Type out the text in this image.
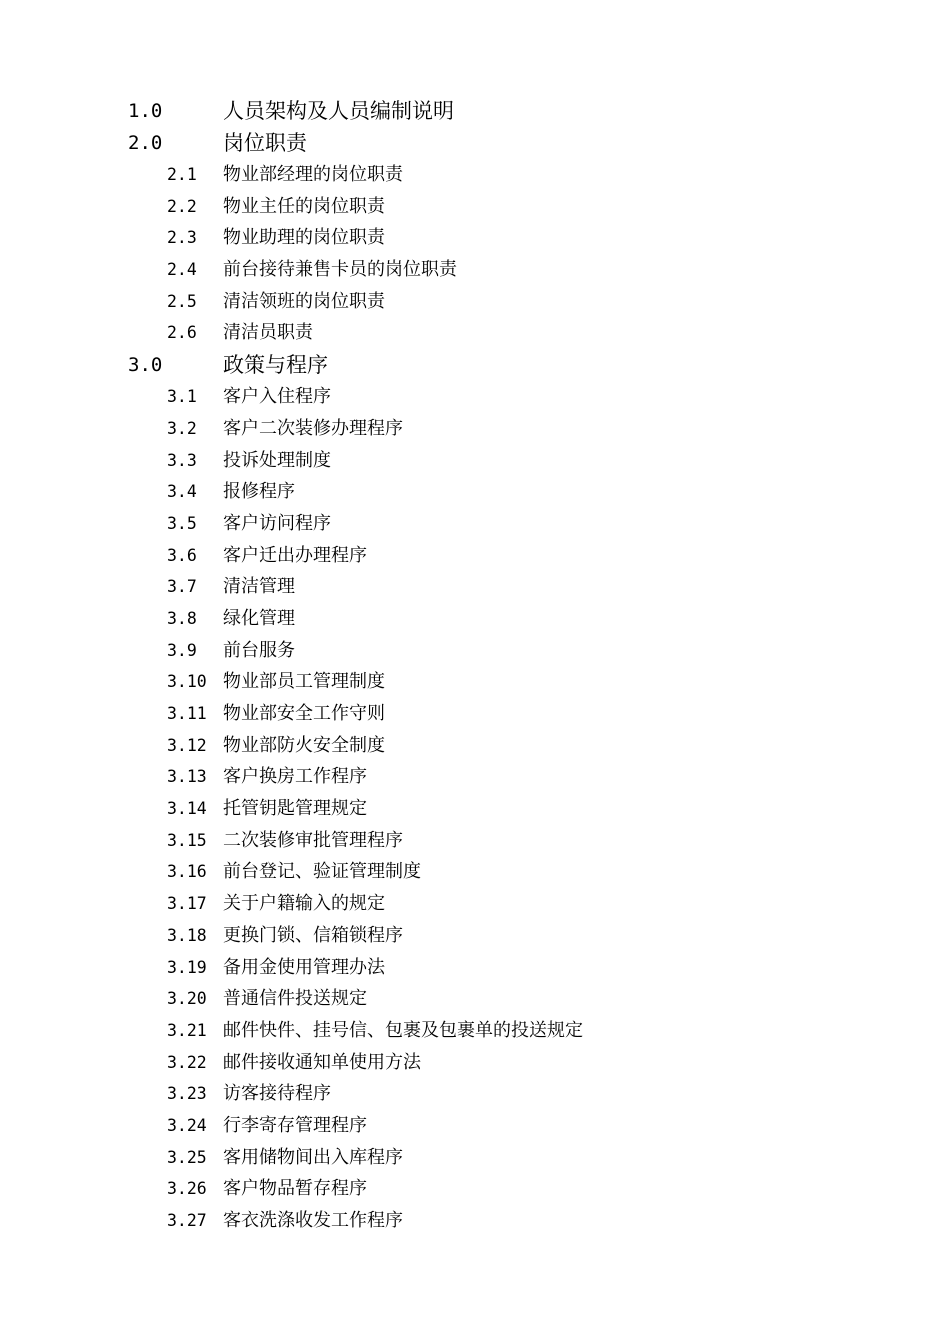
1.0	人员架构及人员编制说明
2.0	岗位职责
2.1 物业部经理的岗位职责
2.2 物业主任的岗位职责
2.3 物业助理的岗位职责
2.4 前台接待兼售卡员的岗位职责
2.5 清洁领班的岗位职责
2.6 清洁员职责
3.0	政策与程序
3.1 客户入住程序
3.2 客户二次装修办理程序
3.3 投诉处理制度
3.4 报修程序
3.5 客户访问程序
3.6 客户迁出办理程序
3.7 清洁管理
3.8 绿化管理
3.9 前台服务
3.10 物业部员工管理制度
3.11 物业部安全工作守则
3.12 物业部防火安全制度
3.13 客户换房工作程序
3.14 托管钥匙管理规定
3.15 二次装修审批管理程序
3.16 前台登记、验证管理制度
3.17 关于户籍输入的规定
3.18 更换门锁、信箱锁程序
3.19 备用金使用管理办法
3.20 普通信件投送规定
3.21 邮件快件、挂号信、包裹及包裹单的投送规定
3.22 邮件接收通知单使用方法
3.23 访客接待程序
3.24 行李寄存管理程序
3.25 客用储物间出入库程序
3.26 客户物品暂存程序
3.27 客衣洗涤收发工作程序
